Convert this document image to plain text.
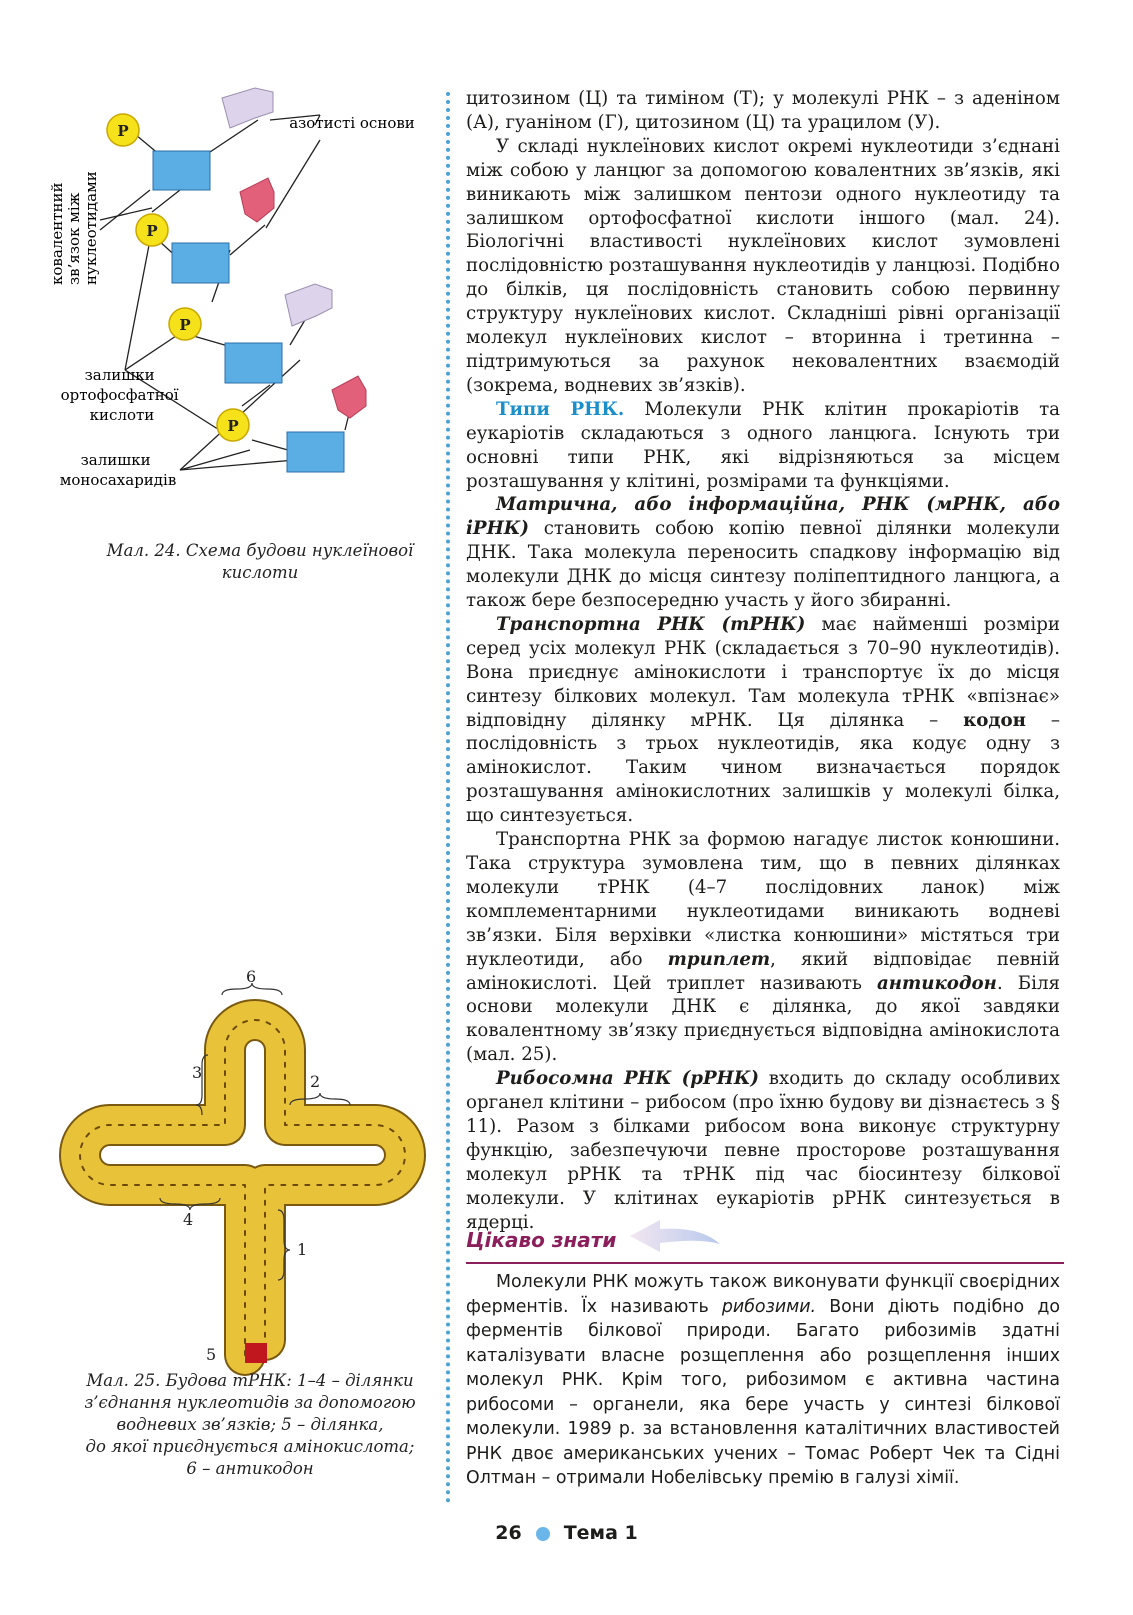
P
P
P
P
азотисті основи
ковалентний зв’язок між нуклеотидами
залишки ортофосфатної кислоти
залишки моносахаридів
Мал. 24. Схема будови нуклеїнової
кислоти
1
2
3
4
5
6
Мал. 25. Будова тРНК: 1–4 – ділянки
з’єднання нуклеотидів за допомогою
водневих зв’язків; 5 – ділянка,
до якої приєднується амінокислота;
6 – антикодон

цитозином (Ц) та тиміном (Т); у молекулі РНК – з аденіном (А), гуаніном (Г), цитозином (Ц) та урацилом (У).

У складі нуклеїнових кислот окремі нуклеотиди з’єднані між собою у ланцюг за допомогою ковалентних зв’язків, які виникають між залишком пентози одного нуклеотиду та залишком ортофосфатної кислоти іншого (мал. 24). Біологічні властивості нуклеїнових кислот зумовлені послідовністю розташування нуклеотидів у ланцюзі. Подібно до білків, ця послідовність становить собою первинну структуру нуклеїнових кислот. Складніші рівні організації молекул нуклеїнових кислот – вторинна і третинна – підтримуються за рахунок нековалентних взаємодій (зокрема, водневих зв’язків).

Типи РНК. Молекули РНК клітин прокаріотів та еукаріотів складаються з одного ланцюга. Існують три основні типи РНК, які відрізняються за місцем розташування у клітині, розмірами та функціями.

Матрична, або інформаційна, РНК (мРНК, або іРНК) становить собою копію певної ділянки молекули ДНК. Така молекула переносить спадкову інформацію від молекули ДНК до місця синтезу поліпептидного ланцюга, а також бере безпосередню участь у його збиранні.

Транспортна РНК (тРНК) має найменші розміри серед усіх молекул РНК (складається з 70–90 нуклеотидів). Вона приєднує амінокислоти і транспортує їх до місця синтезу білкових молекул. Там молекула тРНК «впізнає» відповідну ділянку мРНК. Ця ділянка – кодон – послідовність з трьох нуклеотидів, яка кодує одну з амінокислот. Таким чином визначається порядок розташування амінокислотних залишків у молекулі білка, що синтезується.

Транспортна РНК за формою нагадує листок конюшини. Така структура зумовлена тим, що в певних ділянках молекули тРНК (4–7 послідовних ланок) між комплементарними нуклеотидами виникають водневі зв’язки. Біля верхівки «листка конюшини» містяться три нуклеотиди, або триплет, який відповідає певній амінокислоті. Цей триплет називають антикодон. Біля основи молекули ДНК є ділянка, до якої завдяки ковалентному зв’язку приєднується відповідна амінокислота (мал. 25).

Рибосомна РНК (рРНК) входить до складу особливих органел клітини – рибосом (про їхню будову ви дізнаєтесь з § 11). Разом з білками рибосом вона виконує структурну функцію, забезпечуючи певне просторове розташування молекул рРНК та тРНК під час біосинтезу білкової молекули. У клітинах еукаріотів рРНК синтезується в ядерці.

Цікаво знати

Молекули РНК можуть також виконувати функції своєрідних ферментів. Їх називають рибозими. Вони діють подібно до ферментів білкової природи. Багато рибозимів здатні каталізувати власне розщеплення або розщеплення інших молекул РНК. Крім того, рибозимом є активна частина рибосоми – органели, яка бере участь у синтезі білкової молекули. 1989 р. за встановлення каталітичних властивостей РНК двоє американських учених – Томас Роберт Чек та Сідні Олтман – отримали Нобелівську премію в галузі хімії.

26 Тема 1
